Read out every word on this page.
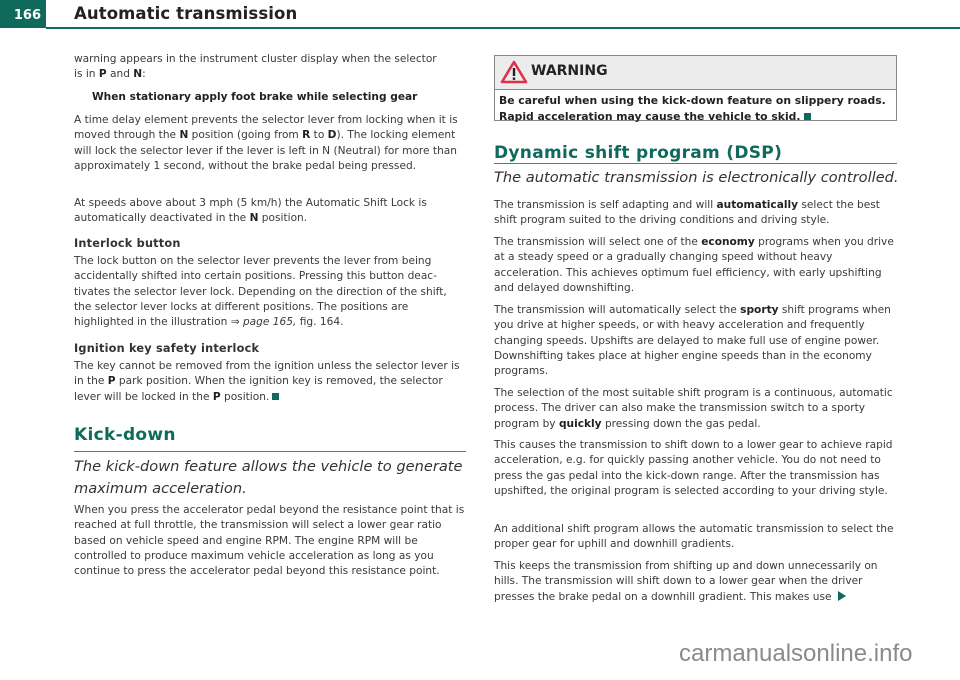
166	Automatic transmission

warning appears in the instrument cluster display when the selector
is in P and N:

When stationary apply foot brake while selecting gear

A time delay element prevents the selector lever from locking when it is moved through the N position (going from R to D). The locking element will lock the selector lever if the lever is left in N (Neutral) for more than approximately 1 second, without the brake pedal being pressed.

At speeds above about 3 mph (5 km/h) the Automatic Shift Lock is automatically deactivated in the N position.

Interlock button

The lock button on the selector lever prevents the lever from being accidentally shifted into certain positions. Pressing this button deactivates the selector lever lock. Depending on the direction of the shift, the selector lever locks at different positions. The positions are highlighted in the illustration ⇒ page 165, fig. 164.

Ignition key safety interlock

The key cannot be removed from the ignition unless the selector lever is in the P park position. When the ignition key is removed, the selector lever will be locked in the P position.

Kick-down

The kick-down feature allows the vehicle to generate maximum acceleration.

When you press the accelerator pedal beyond the resistance point that is reached at full throttle, the transmission will select a lower gear ratio based on vehicle speed and engine RPM. The engine RPM will be controlled to produce maximum vehicle acceleration as long as you continue to press the accelerator pedal beyond this resistance point.

WARNING
Be careful when using the kick-down feature on slippery roads.
Rapid acceleration may cause the vehicle to skid.
Dynamic shift program (DSP)

The automatic transmission is electronically controlled.

The transmission is self adapting and will automatically select the best shift program suited to the driving conditions and driving style.

The transmission will select one of the economy programs when you drive at a steady speed or a gradually changing speed without heavy acceleration. This achieves optimum fuel efficiency, with early upshifting and delayed downshifting.

The transmission will automatically select the sporty shift programs when you drive at higher speeds, or with heavy acceleration and frequently changing speeds. Upshifts are delayed to make full use of engine power. Downshifting takes place at higher engine speeds than in the economy programs.

The selection of the most suitable shift program is a continuous, automatic process. The driver can also make the transmission switch to a sporty program by quickly pressing down the gas pedal.

This causes the transmission to shift down to a lower gear to achieve rapid acceleration, e.g. for quickly passing another vehicle. You do not need to press the gas pedal into the kick-down range. After the transmission has upshifted, the original program is selected according to your driving style.

An additional shift program allows the automatic transmission to select the proper gear for uphill and downhill gradients.

This keeps the transmission from shifting up and down unnecessarily on hills. The transmission will shift down to a lower gear when the driver presses the brake pedal on a downhill gradient. This makes use

carmanualsonline.info
